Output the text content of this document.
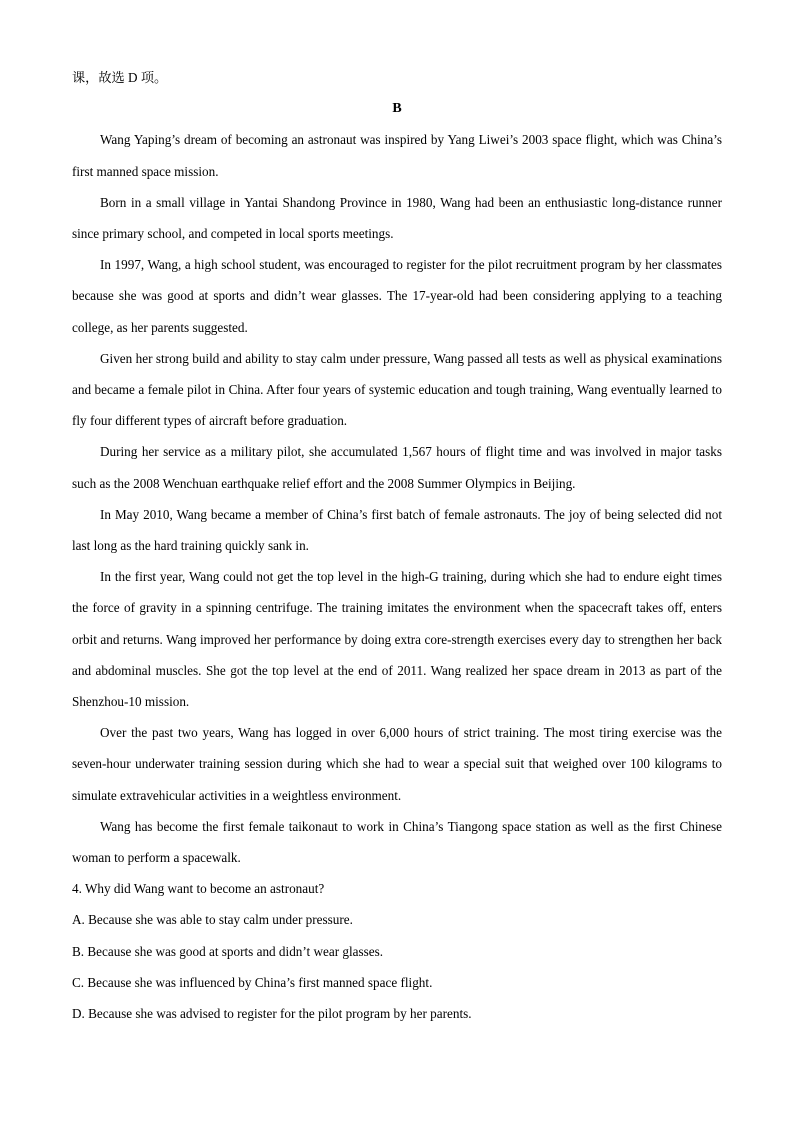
课，故选 D 项。

B

Wang Yaping’s dream of becoming an astronaut was inspired by Yang Liwei’s 2003 space flight, which was China’s first manned space mission.

Born in a small village in Yantai Shandong Province in 1980, Wang had been an enthusiastic long-distance runner since primary school, and competed in local sports meetings.

In 1997, Wang, a high school student, was encouraged to register for the pilot recruitment program by her classmates because she was good at sports and didn’t wear glasses. The 17-year-old had been considering applying to a teaching college, as her parents suggested.

Given her strong build and ability to stay calm under pressure, Wang passed all tests as well as physical examinations and became a female pilot in China. After four years of systemic education and tough training, Wang eventually learned to fly four different types of aircraft before graduation.

During her service as a military pilot, she accumulated 1,567 hours of flight time and was involved in major tasks such as the 2008 Wenchuan earthquake relief effort and the 2008 Summer Olympics in Beijing.

In May 2010, Wang became a member of China’s first batch of female astronauts. The joy of being selected did not last long as the hard training quickly sank in.

In the first year, Wang could not get the top level in the high-G training, during which she had to endure eight times the force of gravity in a spinning centrifuge. The training imitates the environment when the spacecraft takes off, enters orbit and returns. Wang improved her performance by doing extra core-strength exercises every day to strengthen her back and abdominal muscles. She got the top level at the end of 2011. Wang realized her space dream in 2013 as part of the Shenzhou-10 mission.

Over the past two years, Wang has logged in over 6,000 hours of strict training. The most tiring exercise was the seven-hour underwater training session during which she had to wear a special suit that weighed over 100 kilograms to simulate extravehicular activities in a weightless environment.

Wang has become the first female taikonaut to work in China’s Tiangong space station as well as the first Chinese woman to perform a spacewalk.

4. Why did Wang want to become an astronaut?

A. Because she was able to stay calm under pressure.

B. Because she was good at sports and didn’t wear glasses.

C. Because she was influenced by China’s first manned space flight.

D. Because she was advised to register for the pilot program by her parents.
